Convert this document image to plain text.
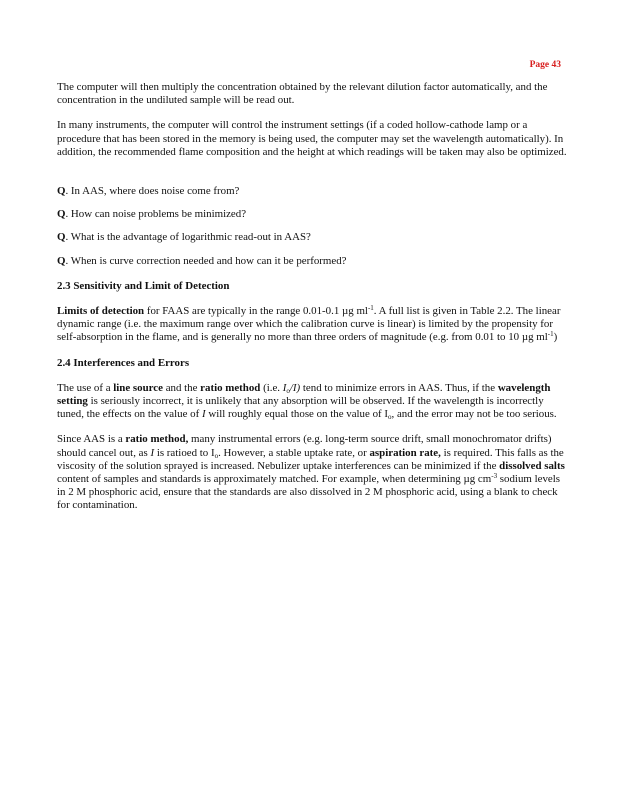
Page 43

The computer will then multiply the concentration obtained by the relevant dilution factor automatically, and the concentration in the undiluted sample will be read out.

In many instruments, the computer will control the instrument settings (if a coded hollow-cathode lamp or a procedure that has been stored in the memory is being used, the computer may set the wavelength automatically). In addition, the recommended flame composition and the height at which readings will be taken may also be optimized.

Q. In AAS, where does noise come from?

Q. How can noise problems be minimized?

Q. What is the advantage of logarithmic read-out in AAS?

Q. When is curve correction needed and how can it be performed?

2.3 Sensitivity and Limit of Detection

Limits of detection for FAAS are typically in the range 0.01-0.1 µg $ml^{-1}$. A full list is given in Table 2.2. The linear dynamic range (i.e. the maximum range over which the calibration curve is linear) is limited by the propensity for self-absorption in the flame, and is generally no more than three orders of magnitude (e.g. from 0.01 to 10 µg $ml^{-1}$)

2.4 Interferences and Errors

The use of a line source and the ratio method (i.e. $I_o/I$) tend to minimize errors in AAS. Thus, if the wavelength setting is seriously incorrect, it is unlikely that any absorption will be observed. If the wavelength is incorrectly tuned, the effects on the value of I will roughly equal those on the value of $I_o$, and the error may not be too serious.

Since AAS is a ratio method, many instrumental errors (e.g. long-term source drift, small monochromator drifts) should cancel out, as I is ratioed to $I_o$. However, a stable uptake rate, or aspiration rate, is required. This falls as the viscosity of the solution sprayed is increased. Nebulizer uptake interferences can be minimized if the dissolved salts content of samples and standards is approximately matched. For example, when determining µg $cm^{-3}$ sodium levels in 2 M phosphoric acid, ensure that the standards are also dissolved in 2 M phosphoric acid, using a blank to check for contamination.
